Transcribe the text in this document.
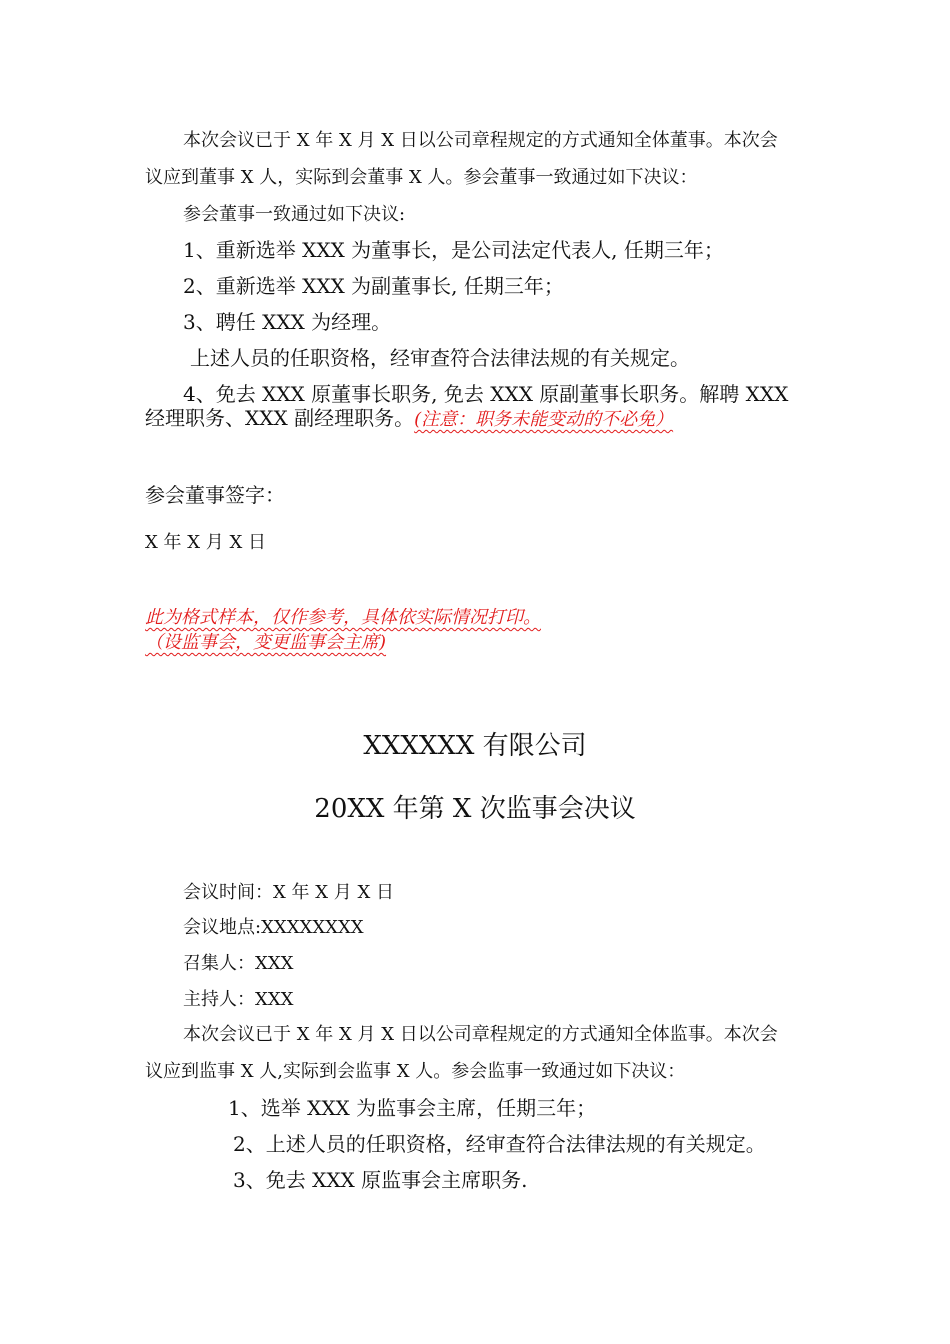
本次会议已于 X 年 X 月 X 日以公司章程规定的方式通知全体董事。本次会
议应到董事 X 人，实际到会董事 X 人。参会董事一致通过如下决议：
参会董事一致通过如下决议:
1、重新选举 XXX 为董事长，是公司法定代表人, 任期三年；
2、重新选举 XXX 为副董事长, 任期三年；
3、聘任 XXX 为经理。
上述人员的任职资格，经审查符合法律法规的有关规定。
4、免去 XXX 原董事长职务, 免去 XXX 原副董事长职务。解聘 XXX
经理职务、XXX 副经理职务。(注意：职务未能变动的不必免）
参会董事签字：
X 年 X 月 X 日
此为格式样本，仅作参考，具体依实际情况打印。
（设监事会，变更监事会主席)
XXXXXX 有限公司
20XX 年第 X 次监事会决议
会议时间：X 年 X 月 X 日
会议地点:XXXXXXXX
召集人：XXX
主持人：XXX
本次会议已于 X 年 X 月 X 日以公司章程规定的方式通知全体监事。本次会
议应到监事 X 人,实际到会监事 X 人。参会监事一致通过如下决议：
1、选举 XXX 为监事会主席，任期三年；
2、上述人员的任职资格，经审查符合法律法规的有关规定。
3、免去 XXX 原监事会主席职务.
